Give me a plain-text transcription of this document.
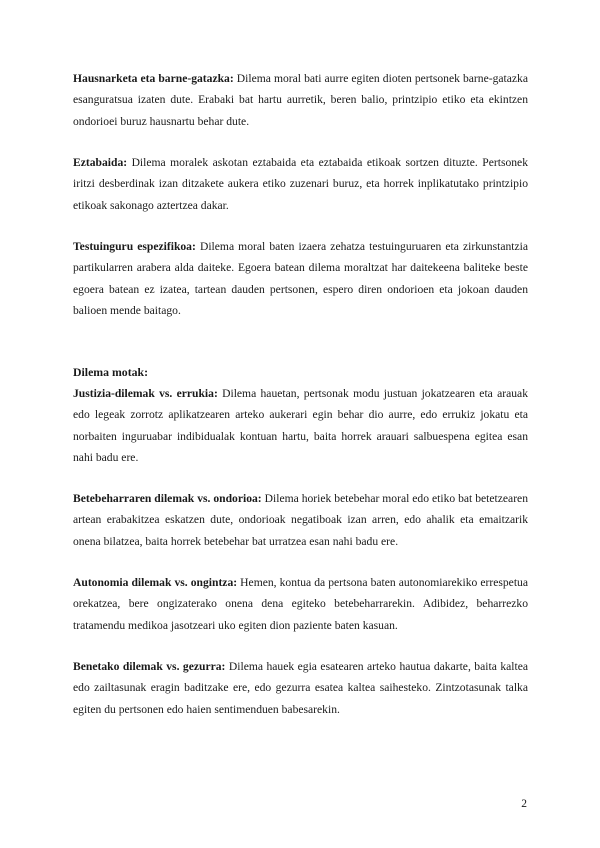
Hausnarketa eta barne-gatazka: Dilema moral bati aurre egiten dioten pertsonek barne-gatazka esanguratsua izaten dute. Erabaki bat hartu aurretik, beren balio, printzipio etiko eta ekintzen ondorioei buruz hausnartu behar dute.

Eztabaida: Dilema moralek askotan eztabaida eta eztabaida etikoak sortzen dituzte. Pertsonek iritzi desberdinak izan ditzakete aukera etiko zuzenari buruz, eta horrek inplikatutako printzipio etikoak sakonago aztertzea dakar.

Testuinguru espezifikoa: Dilema moral baten izaera zehatza testuinguruaren eta zirkunstantzia partikularren arabera alda daiteke. Egoera batean dilema moraltzat har daitekeena baliteke beste egoera batean ez izatea, tartean dauden pertsonen, espero diren ondorioen eta jokoan dauden balioen mende baitago.

Dilema motak:

Justizia-dilemak vs. errukia: Dilema hauetan, pertsonak modu justuan jokatzearen eta arauak edo legeak zorrotz aplikatzearen arteko aukerari egin behar dio aurre, edo errukiz jokatu eta norbaiten inguruabar indibidualak kontuan hartu, baita horrek arauari salbuespena egitea esan nahi badu ere.

Betebeharraren dilemak vs. ondorioa: Dilema horiek betebehar moral edo etiko bat betetzearen artean erabakitzea eskatzen dute, ondorioak negatiboak izan arren, edo ahalik eta emaitzarik onena bilatzea, baita horrek betebehar bat urratzea esan nahi badu ere.

Autonomia dilemak vs. ongintza: Hemen, kontua da pertsona baten autonomiarekiko errespetua orekatzea, bere ongizaterako onena dena egiteko betebeharrarekin. Adibidez, beharrezko tratamendu medikoa jasotzeari uko egiten dion paziente baten kasuan.

Benetako dilemak vs. gezurra: Dilema hauek egia esatearen arteko hautua dakarte, baita kaltea edo zailtasunak eragin baditzake ere, edo gezurra esatea kaltea saihesteko. Zintzotasunak talka egiten du pertsonen edo haien sentimenduen babesarekin.

2
